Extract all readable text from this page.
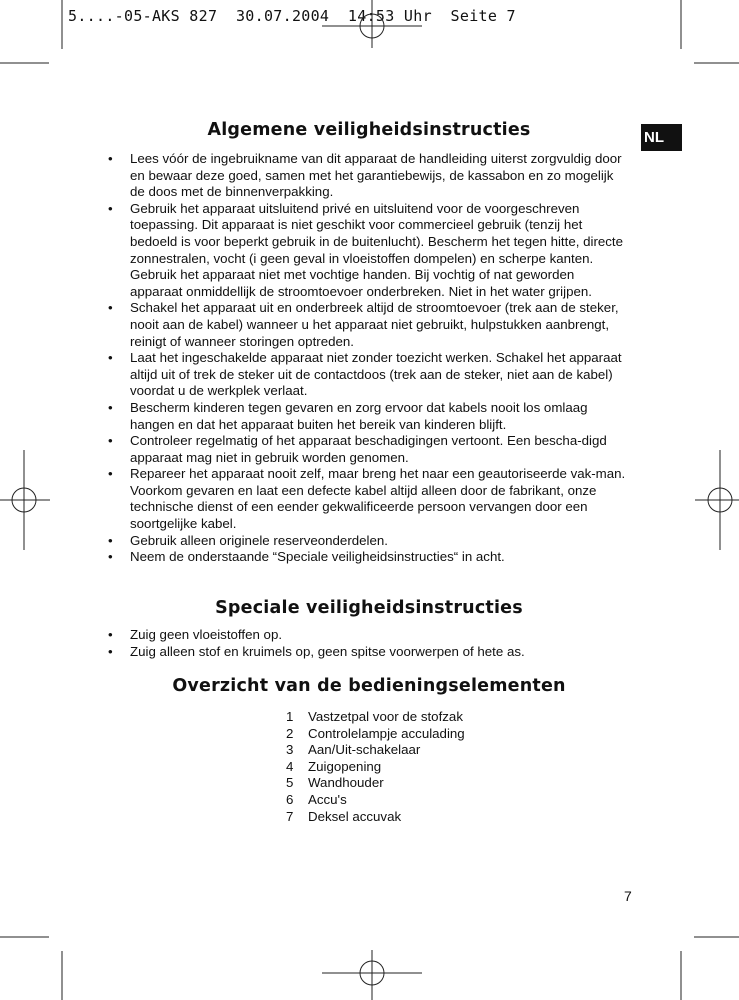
5....-05-AKS 827  30.07.2004  14:53 Uhr  Seite 7
NL
Algemene veiligheidsinstructies
• Lees vóór de ingebruikname van dit apparaat de handleiding uiterst zorgvuldig door en bewaar deze goed, samen met het garantiebewijs, de kassabon en zo mogelijk de doos met de binnenverpakking.
• Gebruik het apparaat uitsluitend privé en uitsluitend voor de voorgeschreven toepassing. Dit apparaat is niet geschikt voor commercieel gebruik (tenzij het bedoeld is voor beperkt gebruik in de buitenlucht). Bescherm het tegen hitte, directe zonnestralen, vocht (i geen geval in vloeistoffen dompelen) en scherpe kanten. Gebruik het apparaat niet met vochtige handen. Bij vochtig of nat geworden apparaat onmiddellijk de stroomtoevoer onderbreken. Niet in het water grijpen.
• Schakel het apparaat uit en onderbreek altijd de stroomtoevoer (trek aan de steker, nooit aan de kabel) wanneer u het apparaat niet gebruikt, hulpstukken aanbrengt, reinigt of wanneer storingen optreden.
• Laat het ingeschakelde apparaat niet zonder toezicht werken. Schakel het apparaat altijd uit of trek de steker uit de contactdoos (trek aan de steker, niet aan de kabel) voordat u de werkplek verlaat.
• Bescherm kinderen tegen gevaren en zorg ervoor dat kabels nooit los omlaag hangen en dat het apparaat buiten het bereik van kinderen blijft.
• Controleer regelmatig of het apparaat beschadigingen vertoont. Een bescha-digd apparaat mag niet in gebruik worden genomen.
• Repareer het apparaat nooit zelf, maar breng het naar een geautoriseerde vak-man. Voorkom gevaren en laat een defecte kabel altijd alleen door de fabrikant, onze technische dienst of een eender gekwalificeerde persoon vervangen door een soortgelijke kabel.
• Gebruik alleen originele reserveonderdelen.
• Neem de onderstaande “Speciale veiligheidsinstructies“ in acht.
Speciale veiligheidsinstructies
• Zuig geen vloeistoffen op.
• Zuig alleen stof en kruimels op, geen spitse voorwerpen of hete as.
Overzicht van de bedieningselementen
1	Vastzetpal voor de stofzak
2	Controlelampje acculading
3	Aan/Uit-schakelaar
4	Zuigopening
5	Wandhouder
6	Accu's
7	Deksel accuvak
7
